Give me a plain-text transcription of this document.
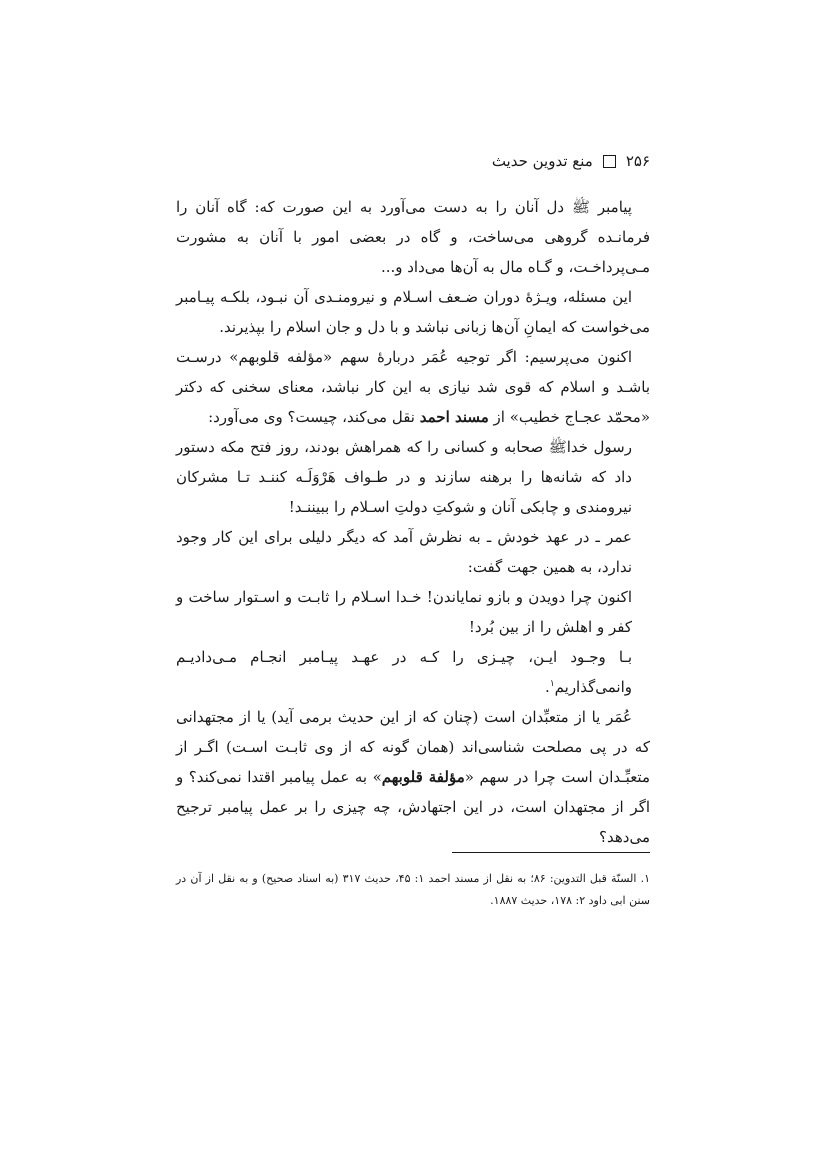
۲۵۶
منع تدوین حدیث

پیامبر ﷺ دل آنان را به دست می‌آورد به این صورت که: گاه آنان را فرمانـده گروهی می‌ساخت، و گاه در بعضی امور با آنان به مشورت مـی‌پرداخـت، و گـاه مال به آن‌ها می‌داد و...

این مسئله، ویـژۀ دوران ضـعف اسـلام و نیرومنـدی آن نبـود، بلکـه پیـامبر می‌خواست که ایمانِ آن‌ها زبانی نباشد و با دل و جان اسلام را بپذیرند.

اکنون می‌پرسیم: اگر توجیه عُمَر دربارۀ سهم «مؤلفه قلوبهم» درسـت باشـد و اسلام که قوی شد نیازی به این کار نباشد، معنای سخنی که دکتر «محمّد عجـاج خطیب» از مسند احمد نقل می‌کند، چیست؟ وی می‌آورد:

رسول خداﷺ صحابه و کسانی را که همراهش بودند، روز فتح مکه دستور داد که شانه‌ها را برهنه سازند و در طـواف هَرْوَلَـه کننـد تـا مشرکان نیرومندی و چابکی آنان و شوکتِ دولتِ اسـلام را ببیننـد!

عمر ـ در عهد خودش ـ به نظرش آمد که دیگر دلیلی برای این کار وجود ندارد، به همین جهت گفت:

اکنون چرا دویدن و بازو نمایاندن! خـدا اسـلام را ثابـت و اسـتوار ساخت و کفر و اهلش را از بین بُرد!

بـا وجـود ایـن، چیـزی را کـه در عهـد پیـامبر انجـام مـی‌دادیـم وانمی‌گذاریم$^۱$.

عُمَر یا از متعبِّدان است (چنان که از این حدیث برمی آید) یا از مجتهدانی که در پی مصلحت شناسی‌اند (همان گونه که از وی ثابـت اسـت) اگـر از متعبِّـدان است چرا در سهم «مؤلفة قلوبهم» به عمل پیامبر اقتدا نمی‌کند؟ و اگر از مجتهدان است، در این اجتهادش، چه چیزی را بر عمل پیامبر ترجیح می‌دهد؟

۱. السنّة قبل التدوین: ۸۶؛ به نقل از مسند احمد ۱: ۴۵، حدیث ۳۱۷ (به اسناد صحیح) و به نقل از آن در سنن ابی داود ۲: ۱۷۸، حدیث ۱۸۸۷.
